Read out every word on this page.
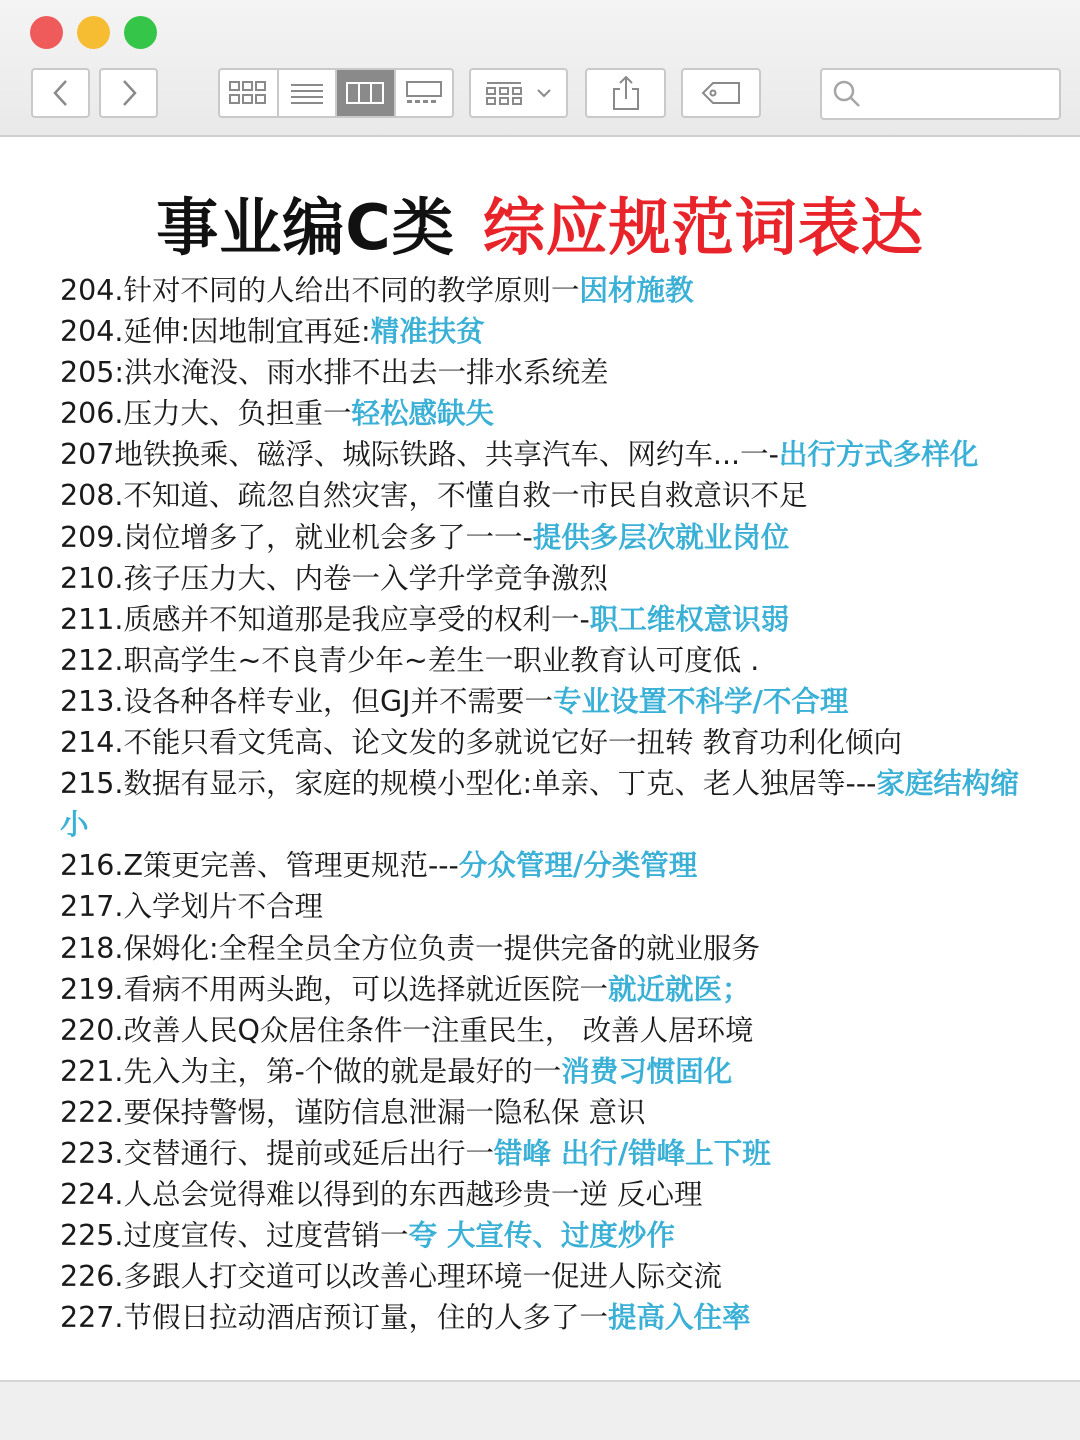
事业编C类 综应规范词表达
204.针对不同的人给出不同的教学原则一因材施教
204.延伸:因地制宜再延:精准扶贫
205:洪水淹没、雨水排不出去一排水系统差
206.压力大、负担重一轻松感缺失
207地铁换乘、磁浮、城际铁路、共享汽车、网约车...一-出行方式多样化
208.不知道、疏忽自然灾害，不懂自救一市民自救意识不足
209.岗位增多了，就业机会多了一一-提供多层次就业岗位
210.孩子压力大、内卷一入学升学竞争激烈
211.质感并不知道那是我应享受的权利一-职工维权意识弱
212.职高学生~不良青少年~差生一职业教育认可度低 .
213.设各种各样专业，但GJ并不需要一专业设置不科学/不合理
214.不能只看文凭高、论文发的多就说它好一扭转 教育功利化倾向
215.数据有显示，家庭的规模小型化:单亲、丁克、老人独居等---家庭结构缩小
216.Z策更完善、管理更规范---分众管理/分类管理
217.入学划片不合理
218.保姆化:全程全员全方位负责一提供完备的就业服务
219.看病不用两头跑，可以选择就近医院一就近就医；
220.改善人民Q众居住条件一注重民生， 改善人居环境
221.先入为主，第-个做的就是最好的一消费习惯固化
222.要保持警惕，谨防信息泄漏一隐私保 意识
223.交替通行、提前或延后出行一错峰 出行/错峰上下班
224.人总会觉得难以得到的东西越珍贵一逆 反心理
225.过度宣传、过度营销一夸 大宣传、过度炒作
226.多跟人打交道可以改善心理环境一促进人际交流
227.节假日拉动酒店预订量，住的人多了一提高入住率
